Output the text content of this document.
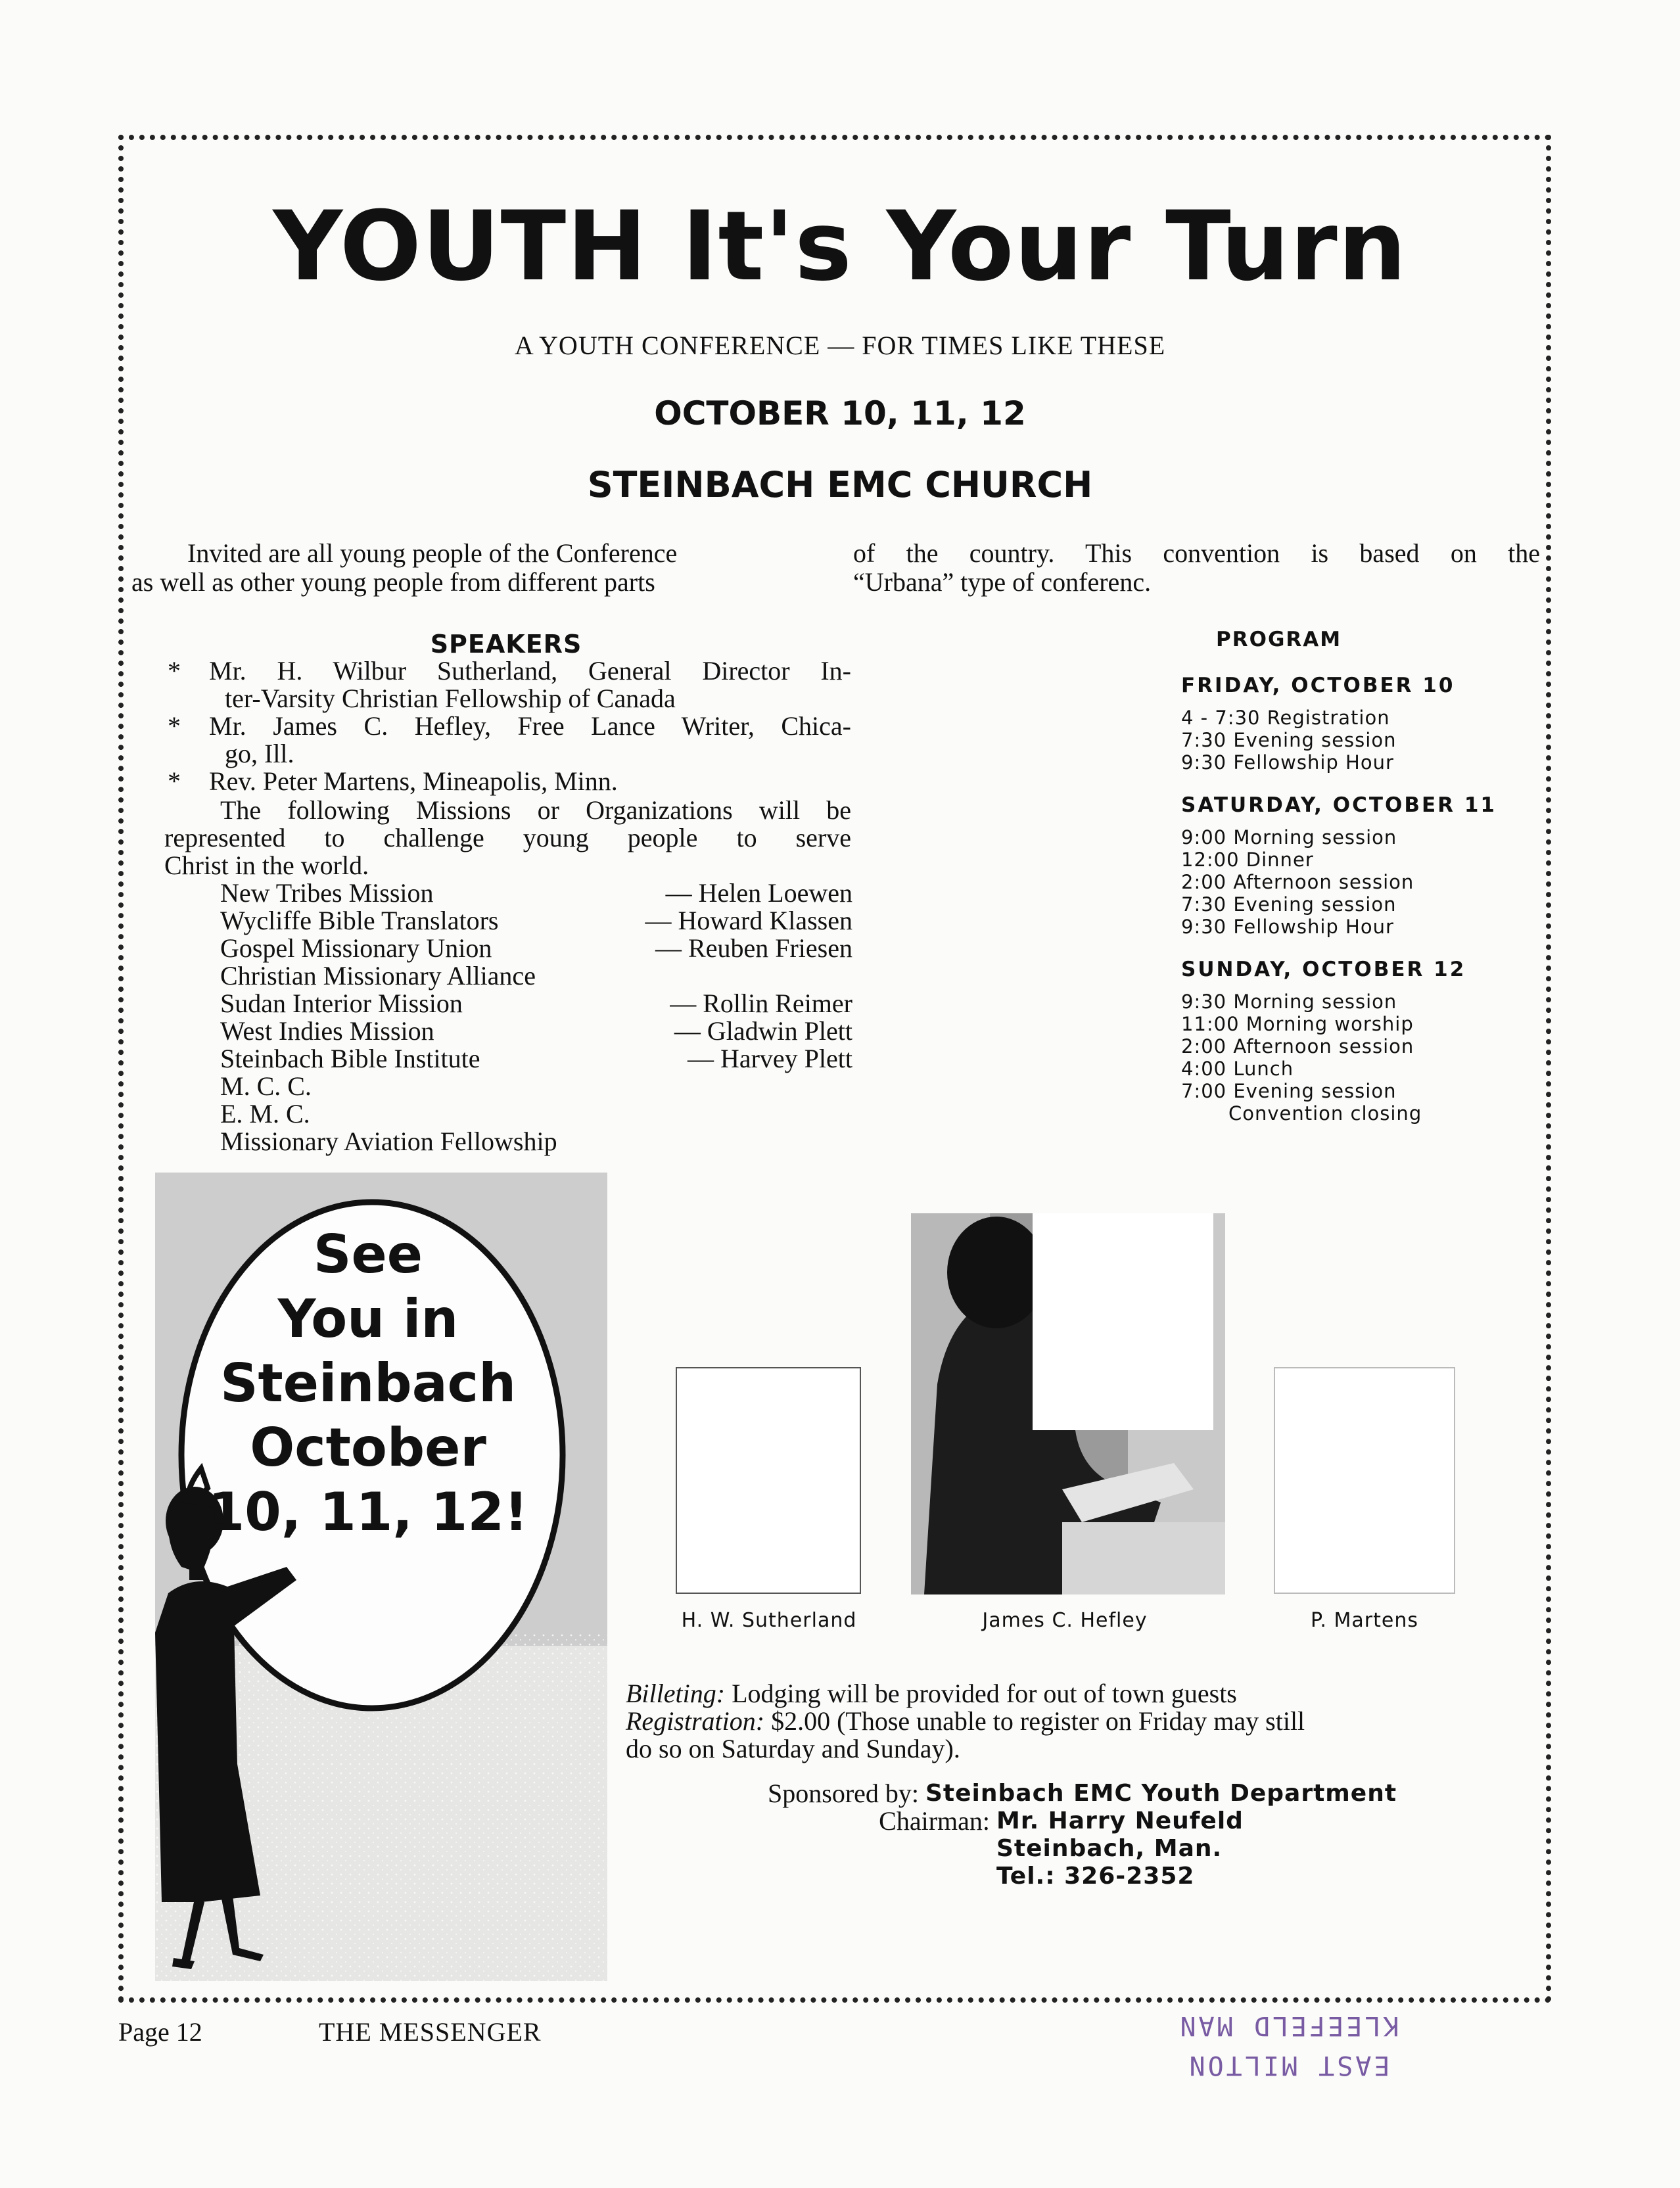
YOUTH It's Your Turn
A YOUTH CONFERENCE — FOR TIMES LIKE THESE
OCTOBER 10, 11, 12
STEINBACH EMC CHURCH
Invited are all young people of the Conference
as well as other young people from different parts
of the country. This convention is based on the
“Urbana” type of conferenc.
SPEAKERS
* Mr. H. Wilbur Sutherland, General Director In-
ter-Varsity Christian Fellowship of Canada
* Mr. James C. Hefley, Free Lance Writer, Chica-
go, Ill.
* Rev. Peter Martens, Mineapolis, Minn.
The following Missions or Organizations will be
represented to challenge young people to serve
Christ in the world.
New Tribes Mission	— Helen Loewen
Wycliffe Bible Translators	— Howard Klassen
Gospel Missionary Union	— Reuben Friesen
Christian Missionary Alliance
Sudan Interior Mission	— Rollin Reimer
West Indies Mission	— Gladwin Plett
Steinbach Bible Institute	— Harvey Plett
M. C. C.
E. M. C.
Missionary Aviation Fellowship
PROGRAM
FRIDAY, OCTOBER 10
4 - 7:30 Registration
7:30 Evening session
9:30 Fellowship Hour
SATURDAY, OCTOBER 11
9:00 Morning session
12:00 Dinner
2:00 Afternoon session
7:30 Evening session
9:30 Fellowship Hour
SUNDAY, OCTOBER 12
9:30 Morning session
11:00 Morning worship
2:00 Afternoon session
4:00 Lunch
7:00 Evening session
Convention closing
See
You in
Steinbach
October
10, 11, 12!
H. W. Sutherland	James C. Hefley	P. Martens
Billeting: Lodging will be provided for out of town guests
Registration: $2.00 (Those unable to register on Friday may still
do so on Saturday and Sunday).
Sponsored by: Steinbach EMC Youth Department
Chairman: Mr. Harry Neufeld
Steinbach, Man.
Tel.: 326-2352
Page 12	THE MESSENGER	KLEEFELD MAN
EAST MILTON
